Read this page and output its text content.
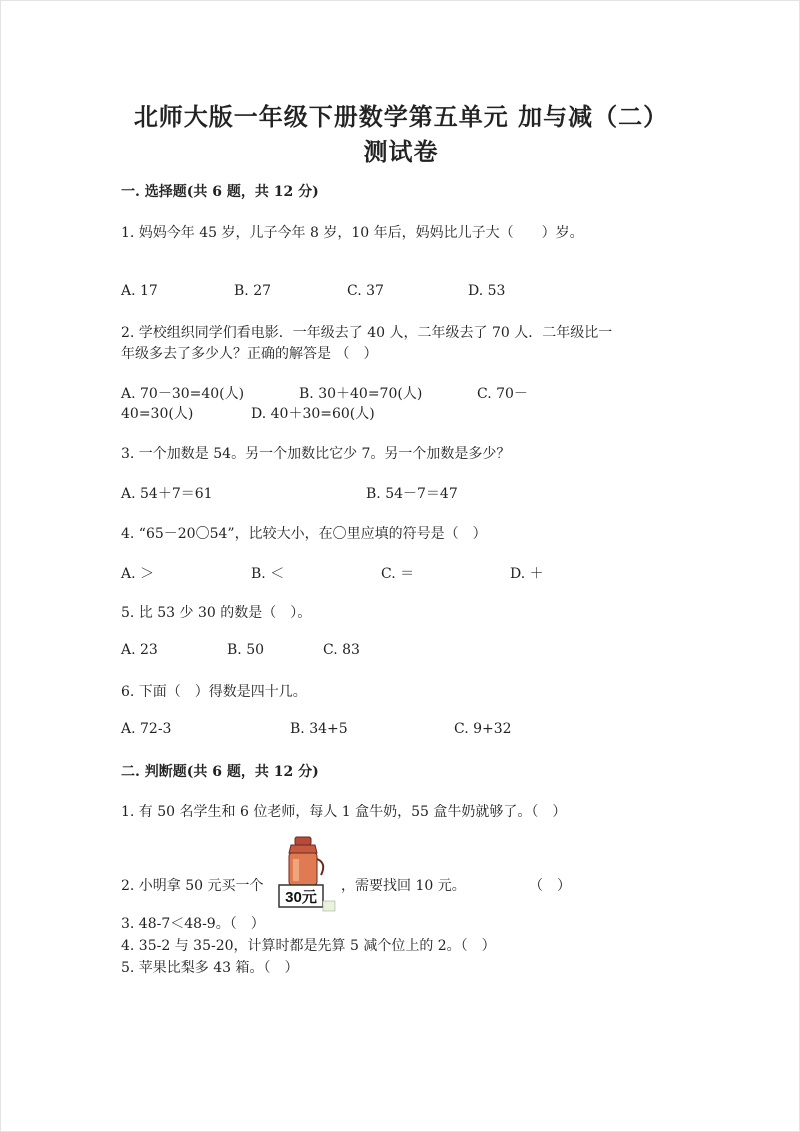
北师大版一年级下册数学第五单元 加与减（二）
测试卷
一. 选择题(共 6 题，共 12 分)
1. 妈妈今年 45 岁，儿子今年 8 岁，10 年后，妈妈比儿子大（　　）岁。
A. 17	B. 27	C. 37	D. 53
2. 学校组织同学们看电影．一年级去了 40 人，二年级去了 70 人．二年级比一
年级多去了多少人？正确的解答是 （　）
A. 70－30=40(人)	B. 30＋40=70(人)	C. 70－
40=30(人)	D. 40＋30=60(人)
3. 一个加数是 54。另一个加数比它少 7。另一个加数是多少？
A. 54＋7＝61	B. 54－7＝47
4. “65－20〇54”，比较大小，在〇里应填的符号是（　）
A. ＞	B. ＜	C. ＝	D. ＋
5. 比 53 少 30 的数是（　）。
A. 23	B. 50	C. 83
6. 下面（　）得数是四十几。
A. 72-3	B. 34+5	C. 9+32
二. 判断题(共 6 题，共 12 分)
1. 有 50 名学生和 6 位老师，每人 1 盒牛奶，55 盒牛奶就够了。（　）
2. 小明拿 50 元买一个
30元
，需要找回 10 元。	（　）
3. 48-7＜48-9。（　）
4. 35-2 与 35-20，计算时都是先算 5 减个位上的 2。（　）
5. 苹果比梨多 43 箱。（　）
